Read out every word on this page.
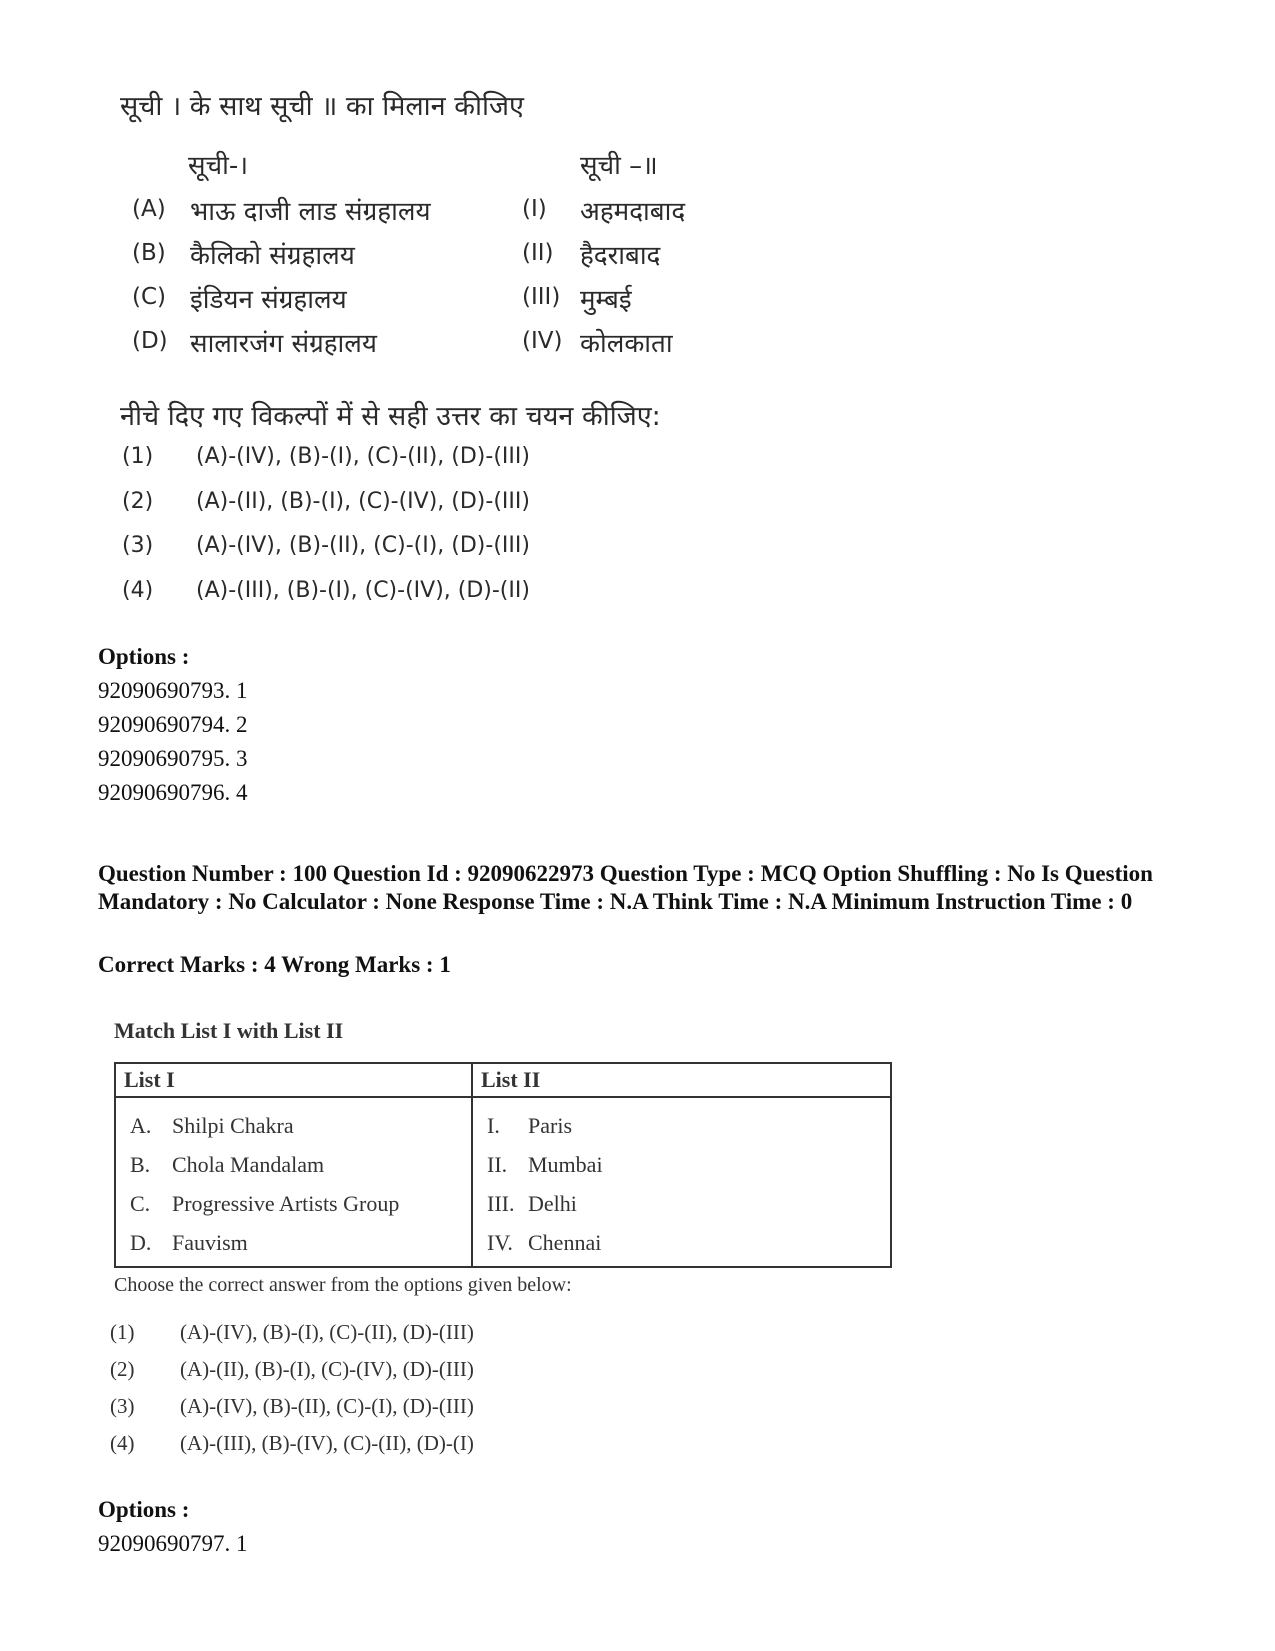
सूची । के साथ सूची ॥ का मिलान कीजिए
सूची-।	सूची –॥
(A) भाऊ दाजी लाड संग्रहालय	(I) अहमदाबाद
(B) कैलिको संग्रहालय	(II) हैदराबाद
(C) इंडियन संग्रहालय	(III) मुम्बई
(D) सालारजंग संग्रहालय	(IV) कोलकाता
नीचे दिए गए विकल्पों में से सही उत्तर का चयन कीजिए:
(1) (A)-(IV), (B)-(I), (C)-(II), (D)-(III)
(2) (A)-(II), (B)-(I), (C)-(IV), (D)-(III)
(3) (A)-(IV), (B)-(II), (C)-(I), (D)-(III)
(4) (A)-(III), (B)-(I), (C)-(IV), (D)-(II)
Options :
92090690793. 1
92090690794. 2
92090690795. 3
92090690796. 4
Question Number : 100 Question Id : 92090622973 Question Type : MCQ Option Shuffling : No Is Question Mandatory : No Calculator : None Response Time : N.A Think Time : N.A Minimum Instruction Time : 0
Correct Marks : 4 Wrong Marks : 1
Match List I with List II
List I	List II
A. Shilpi Chakra	I. Paris
B. Chola Mandalam	II. Mumbai
C. Progressive Artists Group	III. Delhi
D. Fauvism	IV. Chennai
Choose the correct answer from the options given below:
(1) (A)-(IV), (B)-(I), (C)-(II), (D)-(III)
(2) (A)-(II), (B)-(I), (C)-(IV), (D)-(III)
(3) (A)-(IV), (B)-(II), (C)-(I), (D)-(III)
(4) (A)-(III), (B)-(IV), (C)-(II), (D)-(I)
Options :
92090690797. 1
